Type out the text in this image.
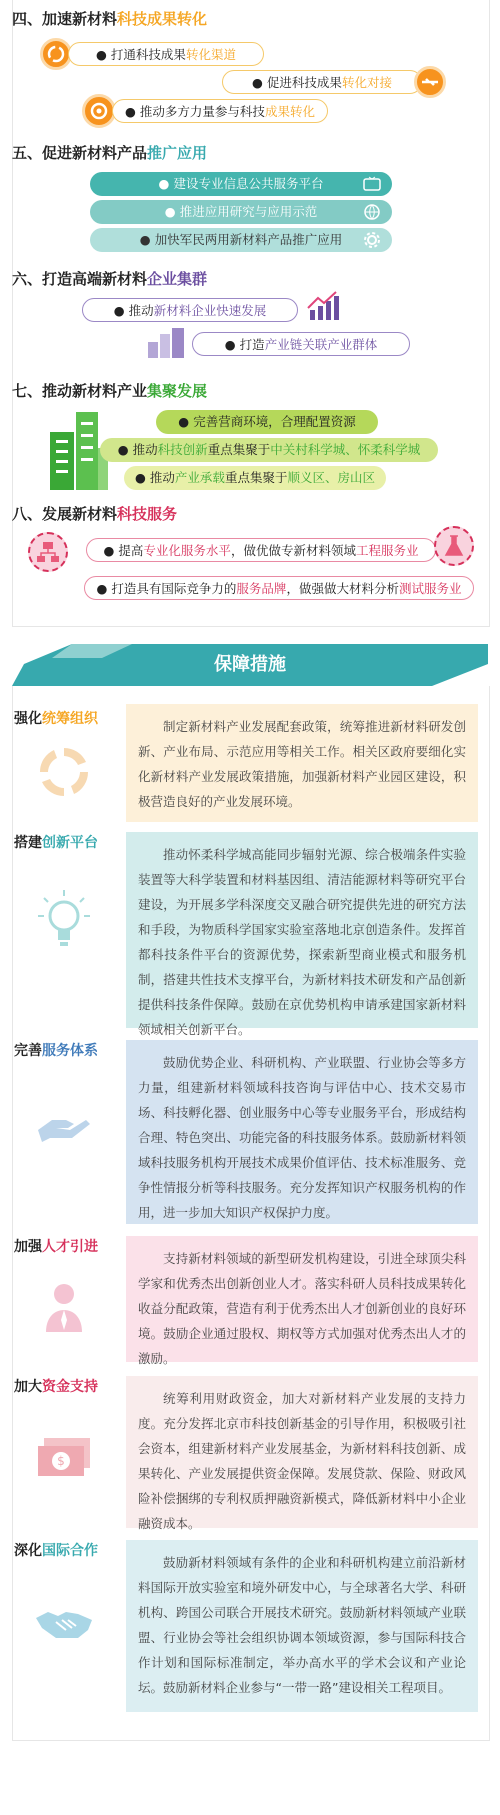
四、加速新材料科技成果转化
● 打通科技成果转化渠道
● 促进科技成果转化对接
● 推动多方力量参与科技成果转化
五、促进新材料产品推广应用
● 建设专业信息公共服务平台
● 推进应用研究与应用示范
● 加快军民两用新材料产品推广应用
六、打造高端新材料企业集群
● 推动新材料企业快速发展
● 打造产业链关联产业群体
七、推动新材料产业集聚发展
● 完善营商环境，合理配置资源
● 推动科技创新重点集聚于中关村科学城、怀柔科学城
● 推动产业承载重点集聚于顺义区、房山区
八、发展新材料科技服务
● 提高专业化服务水平，做优做专新材料领域工程服务业
● 打造具有国际竞争力的服务品牌，做强做大材料分析测试服务业
保障措施
强化统筹组织	制定新材料产业发展配套政策，统筹推进新材料研发创新、产业布局、示范应用等相关工作。相关区政府要细化实化新材料产业发展政策措施，加强新材料产业园区建设，积极营造良好的产业发展环境。
搭建创新平台
推动怀柔科学城高能同步辐射光源、综合极端条件实验装置等大科学装置和材料基因组、清洁能源材料等研究平台建设，为开展多学科深度交叉融合研究提供先进的研究方法和手段，为物质科学国家实验室落地北京创造条件。发挥首都科技条件平台的资源优势，探索新型商业模式和服务机制，搭建共性技术支撑平台，为新材料技术研发和产品创新提供科技条件保障。鼓励在京优势机构申请承建国家新材料领域相关创新平台。
完善服务体系
鼓励优势企业、科研机构、产业联盟、行业协会等多方力量，组建新材料领域科技咨询与评估中心、技术交易市场、科技孵化器、创业服务中心等专业服务平台，形成结构合理、特色突出、功能完备的科技服务体系。鼓励新材料领域科技服务机构开展技术成果价值评估、技术标准服务、竞争性情报分析等科技服务。充分发挥知识产权服务机构的作用，进一步加大知识产权保护力度。
加强人才引进
支持新材料领域的新型研发机构建设，引进全球顶尖科学家和优秀杰出创新创业人才。落实科研人员科技成果转化收益分配政策，营造有利于优秀杰出人才创新创业的良好环境。鼓励企业通过股权、期权等方式加强对优秀杰出人才的激励。
加大资金支持
$
统筹利用财政资金，加大对新材料产业发展的支持力度。充分发挥北京市科技创新基金的引导作用，积极吸引社会资本，组建新材料产业发展基金，为新材料科技创新、成果转化、产业发展提供资金保障。发展贷款、保险、财政风险补偿捆绑的专利权质押融资新模式，降低新材料中小企业融资成本。
深化国际合作
鼓励新材料领域有条件的企业和科研机构建立前沿新材料国际开放实验室和境外研发中心，与全球著名大学、科研机构、跨国公司联合开展技术研究。鼓励新材料领域产业联盟、行业协会等社会组织协调本领域资源，参与国际科技合作计划和国际标准制定，举办高水平的学术会议和产业论坛。鼓励新材料企业参与“一带一路”建设相关工程项目。
